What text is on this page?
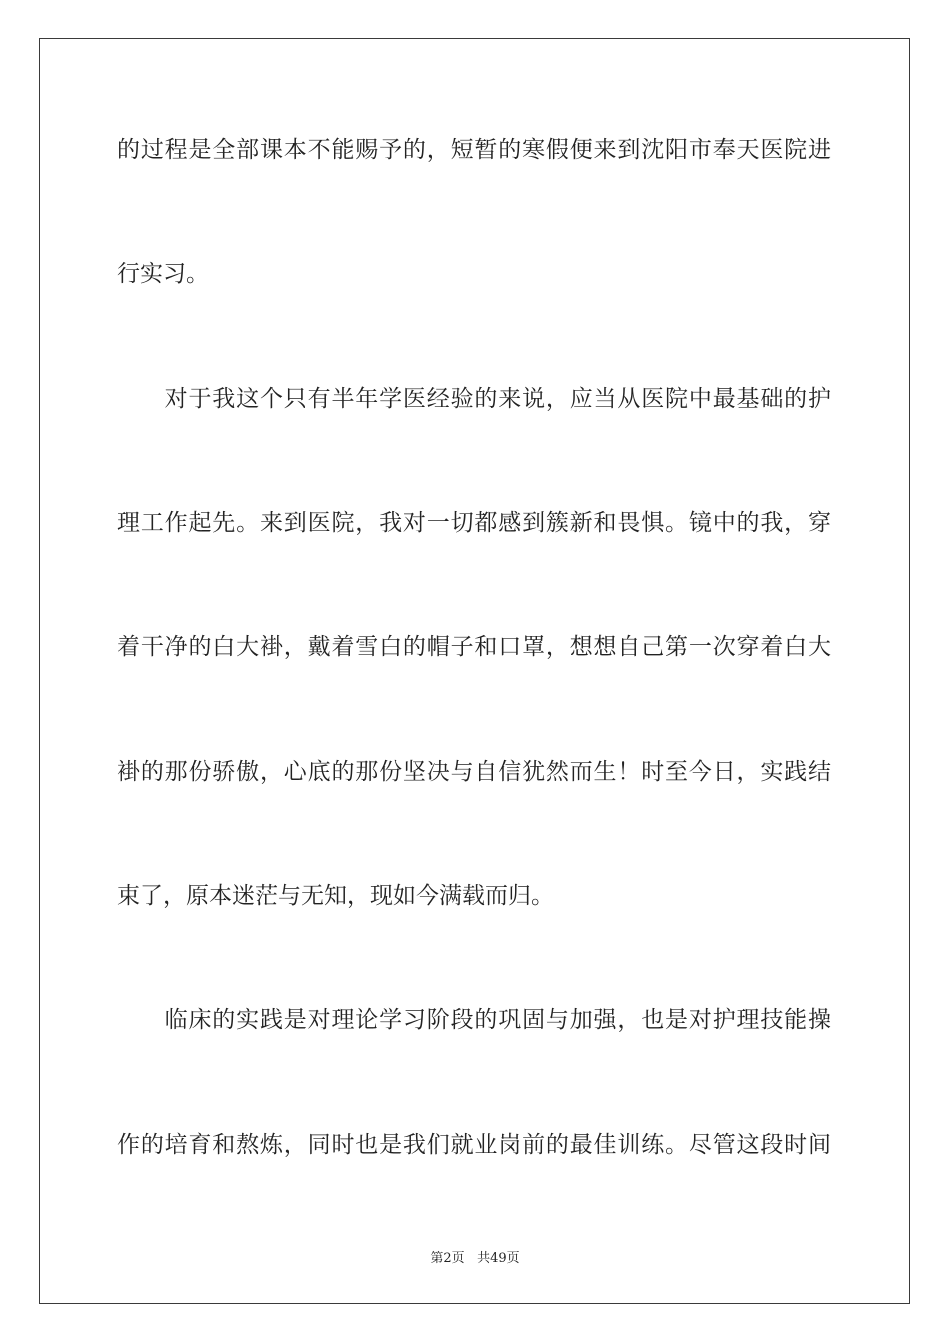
的过程是全部课本不能赐予的，短暂的寒假便来到沈阳市奉天医院进
行实习。
　　对于我这个只有半年学医经验的来说，应当从医院中最基础的护
理工作起先。来到医院，我对一切都感到簇新和畏惧。镜中的我，穿
着干净的白大褂，戴着雪白的帽子和口罩，想想自己第一次穿着白大
褂的那份骄傲，心底的那份坚决与自信犹然而生！时至今日，实践结
束了，原本迷茫与无知，现如今满载而归。
　　临床的实践是对理论学习阶段的巩固与加强，也是对护理技能操
作的培育和熬炼，同时也是我们就业岗前的最佳训练。尽管这段时间
第2页 共49页
